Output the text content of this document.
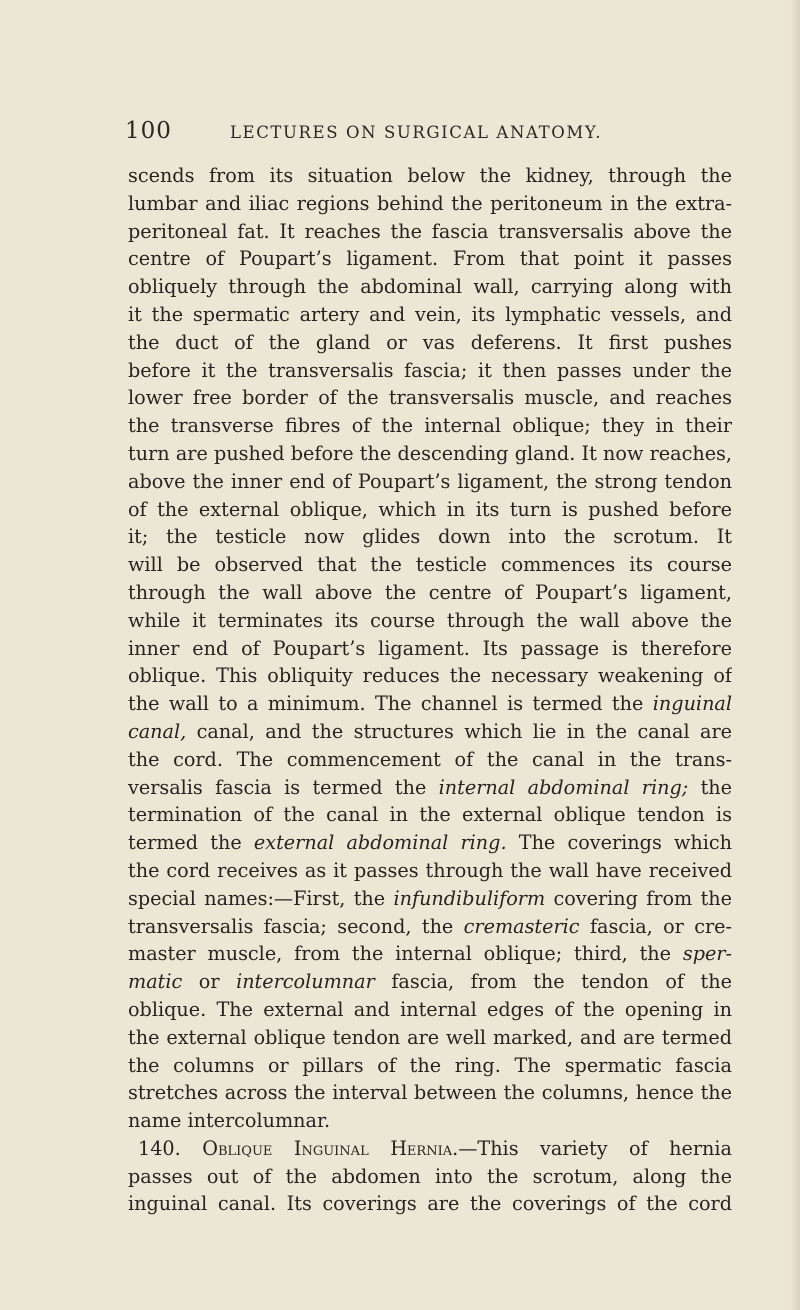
100	LECTURES ON SURGICAL ANATOMY.
scends from its situation below the kidney, through the
lumbar and iliac regions behind the peritoneum in the extra-
peritoneal fat. It reaches the fascia transversalis above the
centre of Poupart’s ligament. From that point it passes
obliquely through the abdominal wall, carrying along with
it the spermatic artery and vein, its lymphatic vessels, and
the duct of the gland or vas deferens. It first pushes
before it the transversalis fascia; it then passes under the
lower free border of the transversalis muscle, and reaches
the transverse fibres of the internal oblique; they in their
turn are pushed before the descending gland. It now reaches,
above the inner end of Poupart’s ligament, the strong tendon
of the external oblique, which in its turn is pushed before
it; the testicle now glides down into the scrotum. It
will be observed that the testicle commences its course
through the wall above the centre of Poupart’s ligament,
while it terminates its course through the wall above the
inner end of Poupart’s ligament. Its passage is therefore
oblique. This obliquity reduces the necessary weakening of
the wall to a minimum. The channel is termed the inguinal
canal, canal, and the structures which lie in the canal are
the cord. The commencement of the canal in the trans-
versalis fascia is termed the internal abdominal ring; the
termination of the canal in the external oblique tendon is
termed the external abdominal ring. The coverings which
the cord receives as it passes through the wall have received
special names:—First, the infundibuliform covering from the
transversalis fascia; second, the cremasteric fascia, or cre-
master muscle, from the internal oblique; third, the sper-
matic or intercolumnar fascia, from the tendon of the
oblique. The external and internal edges of the opening in
the external oblique tendon are well marked, and are termed
the columns or pillars of the ring. The spermatic fascia
stretches across the interval between the columns, hence the
name intercolumnar.
140. Oblique Inguinal Hernia.—This variety of hernia
passes out of the abdomen into the scrotum, along the
inguinal canal. Its coverings are the coverings of the cord
